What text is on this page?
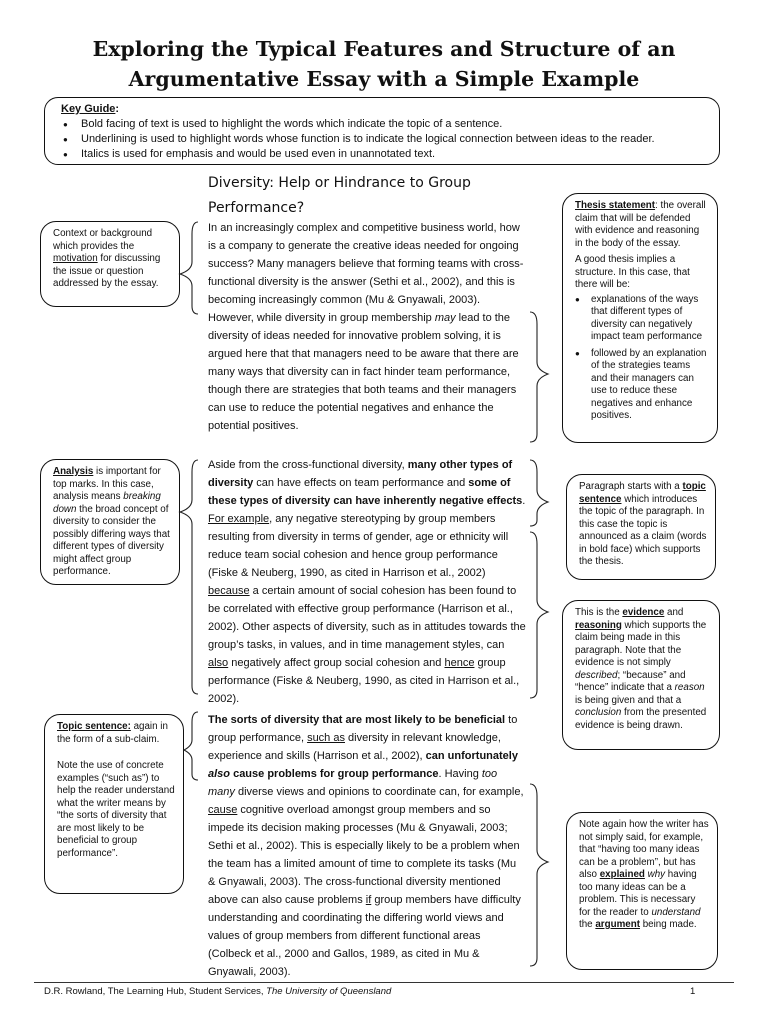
Exploring the Typical Features and Structure of an
Argumentative Essay with a Simple Example
Key Guide:
● Bold facing of text is used to highlight the words which indicate the topic of a sentence.
● Underlining is used to highlight words whose function is to indicate the logical connection between ideas to the reader.
● Italics is used for emphasis and would be used even in unannotated text.
Diversity: Help or Hindrance to Group Performance?

In an increasingly complex and competitive business world, how is a company to generate the creative ideas needed for ongoing success? Many managers believe that forming teams with cross-functional diversity is the answer (Sethi et al., 2002), and this is becoming increasingly common (Mu & Gnyawali, 2003). However, while diversity in group membership may lead to the diversity of ideas needed for innovative problem solving, it is argued here that that managers need to be aware that there are many ways that diversity can in fact hinder team performance, though there are strategies that both teams and their managers can use to reduce the potential negatives and enhance the potential positives.

Aside from the cross-functional diversity, many other types of diversity can have effects on team performance and some of these types of diversity can have inherently negative effects. For example, any negative stereotyping by group members resulting from diversity in terms of gender, age or ethnicity will reduce team social cohesion and hence group performance (Fiske & Neuberg, 1990, as cited in Harrison et al., 2002) because a certain amount of social cohesion has been found to be correlated with effective group performance (Harrison et al., 2002). Other aspects of diversity, such as in attitudes towards the group’s tasks, in values, and in time management styles, can also negatively affect group social cohesion and hence group performance (Fiske & Neuberg, 1990, as cited in Harrison et al., 2002).

The sorts of diversity that are most likely to be beneficial to group performance, such as diversity in relevant knowledge, experience and skills (Harrison et al., 2002), can unfortunately also cause problems for group performance. Having too many diverse views and opinions to coordinate can, for example, cause cognitive overload amongst group members and so impede its decision making processes (Mu & Gnyawali, 2003; Sethi et al., 2002). This is especially likely to be a problem when the team has a limited amount of time to complete its tasks (Mu & Gnyawali, 2003). The cross-functional diversity mentioned above can also cause problems if group members have difficulty understanding and coordinating the differing world views and values of group members from different functional areas (Colbeck et al., 2000 and Gallos, 1989, as cited in Mu & Gnyawali, 2003).

Context or background which provides the motivation for discussing the issue or question addressed by the essay.

Analysis is important for top marks. In this case, analysis means breaking down the broad concept of diversity to consider the possibly differing ways that different types of diversity might affect group performance.

Topic sentence: again in the form of a sub-claim.

Note the use of concrete examples (“such as”) to help the reader understand what the writer means by “the sorts of diversity that are most likely to be beneficial to group performance”.

Thesis statement: the overall claim that will be defended with evidence and reasoning in the body of the essay.

A good thesis implies a structure. In this case, that there will be:

● explanations of the ways that different types of diversity can negatively impact team performance
● followed by an explanation of the strategies teams and their managers can use to reduce these negatives and enhance positives.

Paragraph starts with a topic sentence which introduces the topic of the paragraph. In this case the topic is announced as a claim (words in bold face) which supports the thesis.

This is the evidence and reasoning which supports the claim being made in this paragraph. Note that the evidence is not simply described; “because” and “hence” indicate that a reason is being given and that a conclusion from the presented evidence is being drawn.

Note again how the writer has not simply said, for example, that “having too many ideas can be a problem”, but has also explained why having too many ideas can be a problem. This is necessary for the reader to understand the argument being made.

D.R. Rowland, The Learning Hub, Student Services, The University of Queensland	1
